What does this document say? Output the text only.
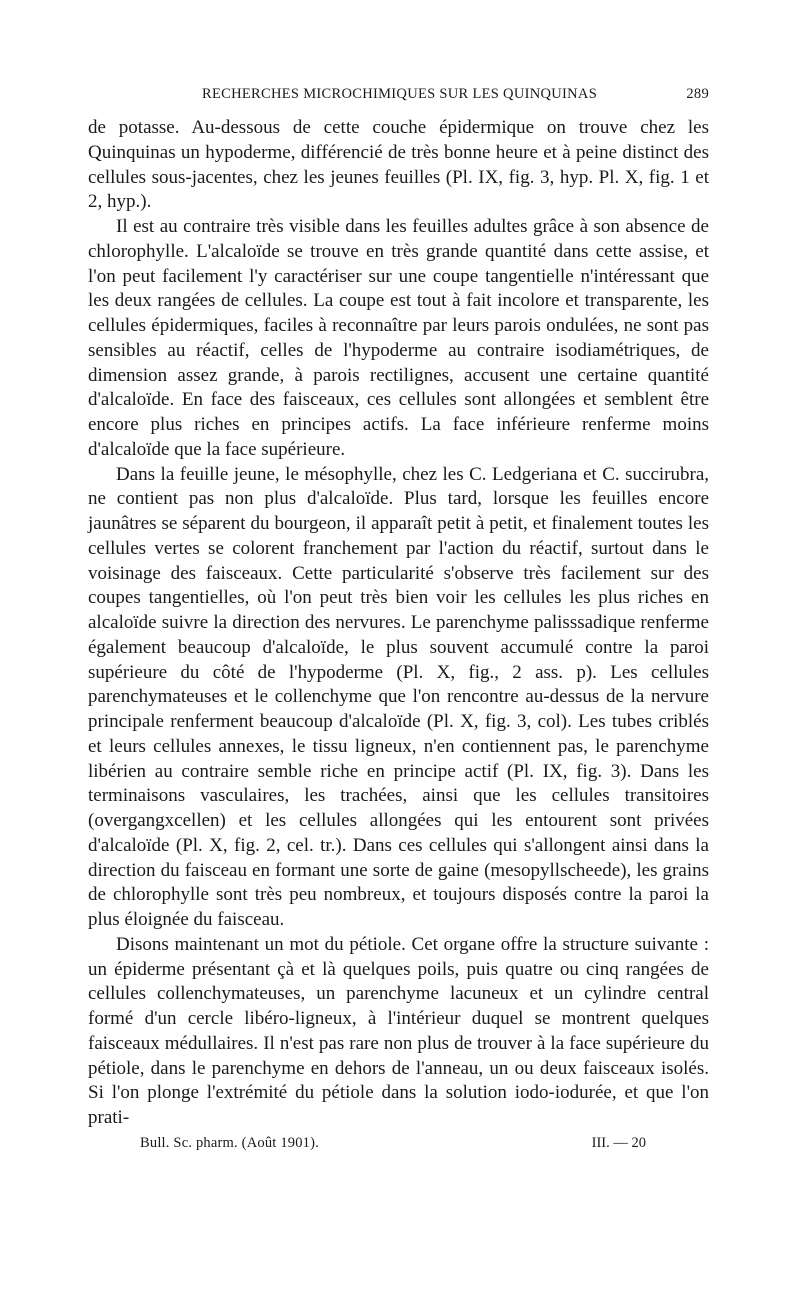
RECHERCHES MICROCHIMIQUES SUR LES QUINQUINAS	289

de potasse. Au-dessous de cette couche épidermique on trouve chez les Quinquinas un hypoderme, différencié de très bonne heure et à peine distinct des cellules sous-jacentes, chez les jeunes feuilles (Pl. IX, fig. 3, hyp. Pl. X, fig. 1 et 2, hyp.).

Il est au contraire très visible dans les feuilles adultes grâce à son absence de chlorophylle. L'alcaloïde se trouve en très grande quantité dans cette assise, et l'on peut facilement l'y caractériser sur une coupe tangentielle n'intéressant que les deux rangées de cellules. La coupe est tout à fait incolore et transparente, les cellules épidermiques, faciles à reconnaître par leurs parois ondulées, ne sont pas sensibles au réactif, celles de l'hypoderme au contraire isodiamétriques, de dimension assez grande, à parois rectilignes, accusent une certaine quantité d'alcaloïde. En face des faisceaux, ces cellules sont allongées et semblent être encore plus riches en principes actifs. La face inférieure renferme moins d'alcaloïde que la face supérieure.

Dans la feuille jeune, le mésophylle, chez les C. Ledgeriana et C. succirubra, ne contient pas non plus d'alcaloïde. Plus tard, lorsque les feuilles encore jaunâtres se séparent du bourgeon, il apparaît petit à petit, et finalement toutes les cellules vertes se colorent franchement par l'action du réactif, surtout dans le voisinage des faisceaux. Cette particularité s'observe très facilement sur des coupes tangentielles, où l'on peut très bien voir les cellules les plus riches en alcaloïde suivre la direction des nervures. Le parenchyme palisssadique renferme également beaucoup d'alcaloïde, le plus souvent accumulé contre la paroi supérieure du côté de l'hypoderme (Pl. X, fig., 2 ass. p). Les cellules parenchymateuses et le collenchyme que l'on rencontre au-dessus de la nervure principale renferment beaucoup d'alcaloïde (Pl. X, fig. 3, col). Les tubes criblés et leurs cellules annexes, le tissu ligneux, n'en contiennent pas, le parenchyme libérien au contraire semble riche en principe actif (Pl. IX, fig. 3). Dans les terminaisons vasculaires, les trachées, ainsi que les cellules transitoires (overgangxcellen) et les cellules allongées qui les entourent sont privées d'alcaloïde (Pl. X, fig. 2, cel. tr.). Dans ces cellules qui s'allongent ainsi dans la direction du faisceau en formant une sorte de gaine (mesopyllscheede), les grains de chlorophylle sont très peu nombreux, et toujours disposés contre la paroi la plus éloignée du faisceau.

Disons maintenant un mot du pétiole. Cet organe offre la structure suivante : un épiderme présentant çà et là quelques poils, puis quatre ou cinq rangées de cellules collenchymateuses, un parenchyme lacuneux et un cylindre central formé d'un cercle libéro-ligneux, à l'intérieur duquel se montrent quelques faisceaux médullaires. Il n'est pas rare non plus de trouver à la face supérieure du pétiole, dans le parenchyme en dehors de l'anneau, un ou deux faisceaux isolés. Si l'on plonge l'extrémité du pétiole dans la solution iodo-iodurée, et que l'on prati-

Bull. Sc. pharm. (Août 1901).	III. — 20
